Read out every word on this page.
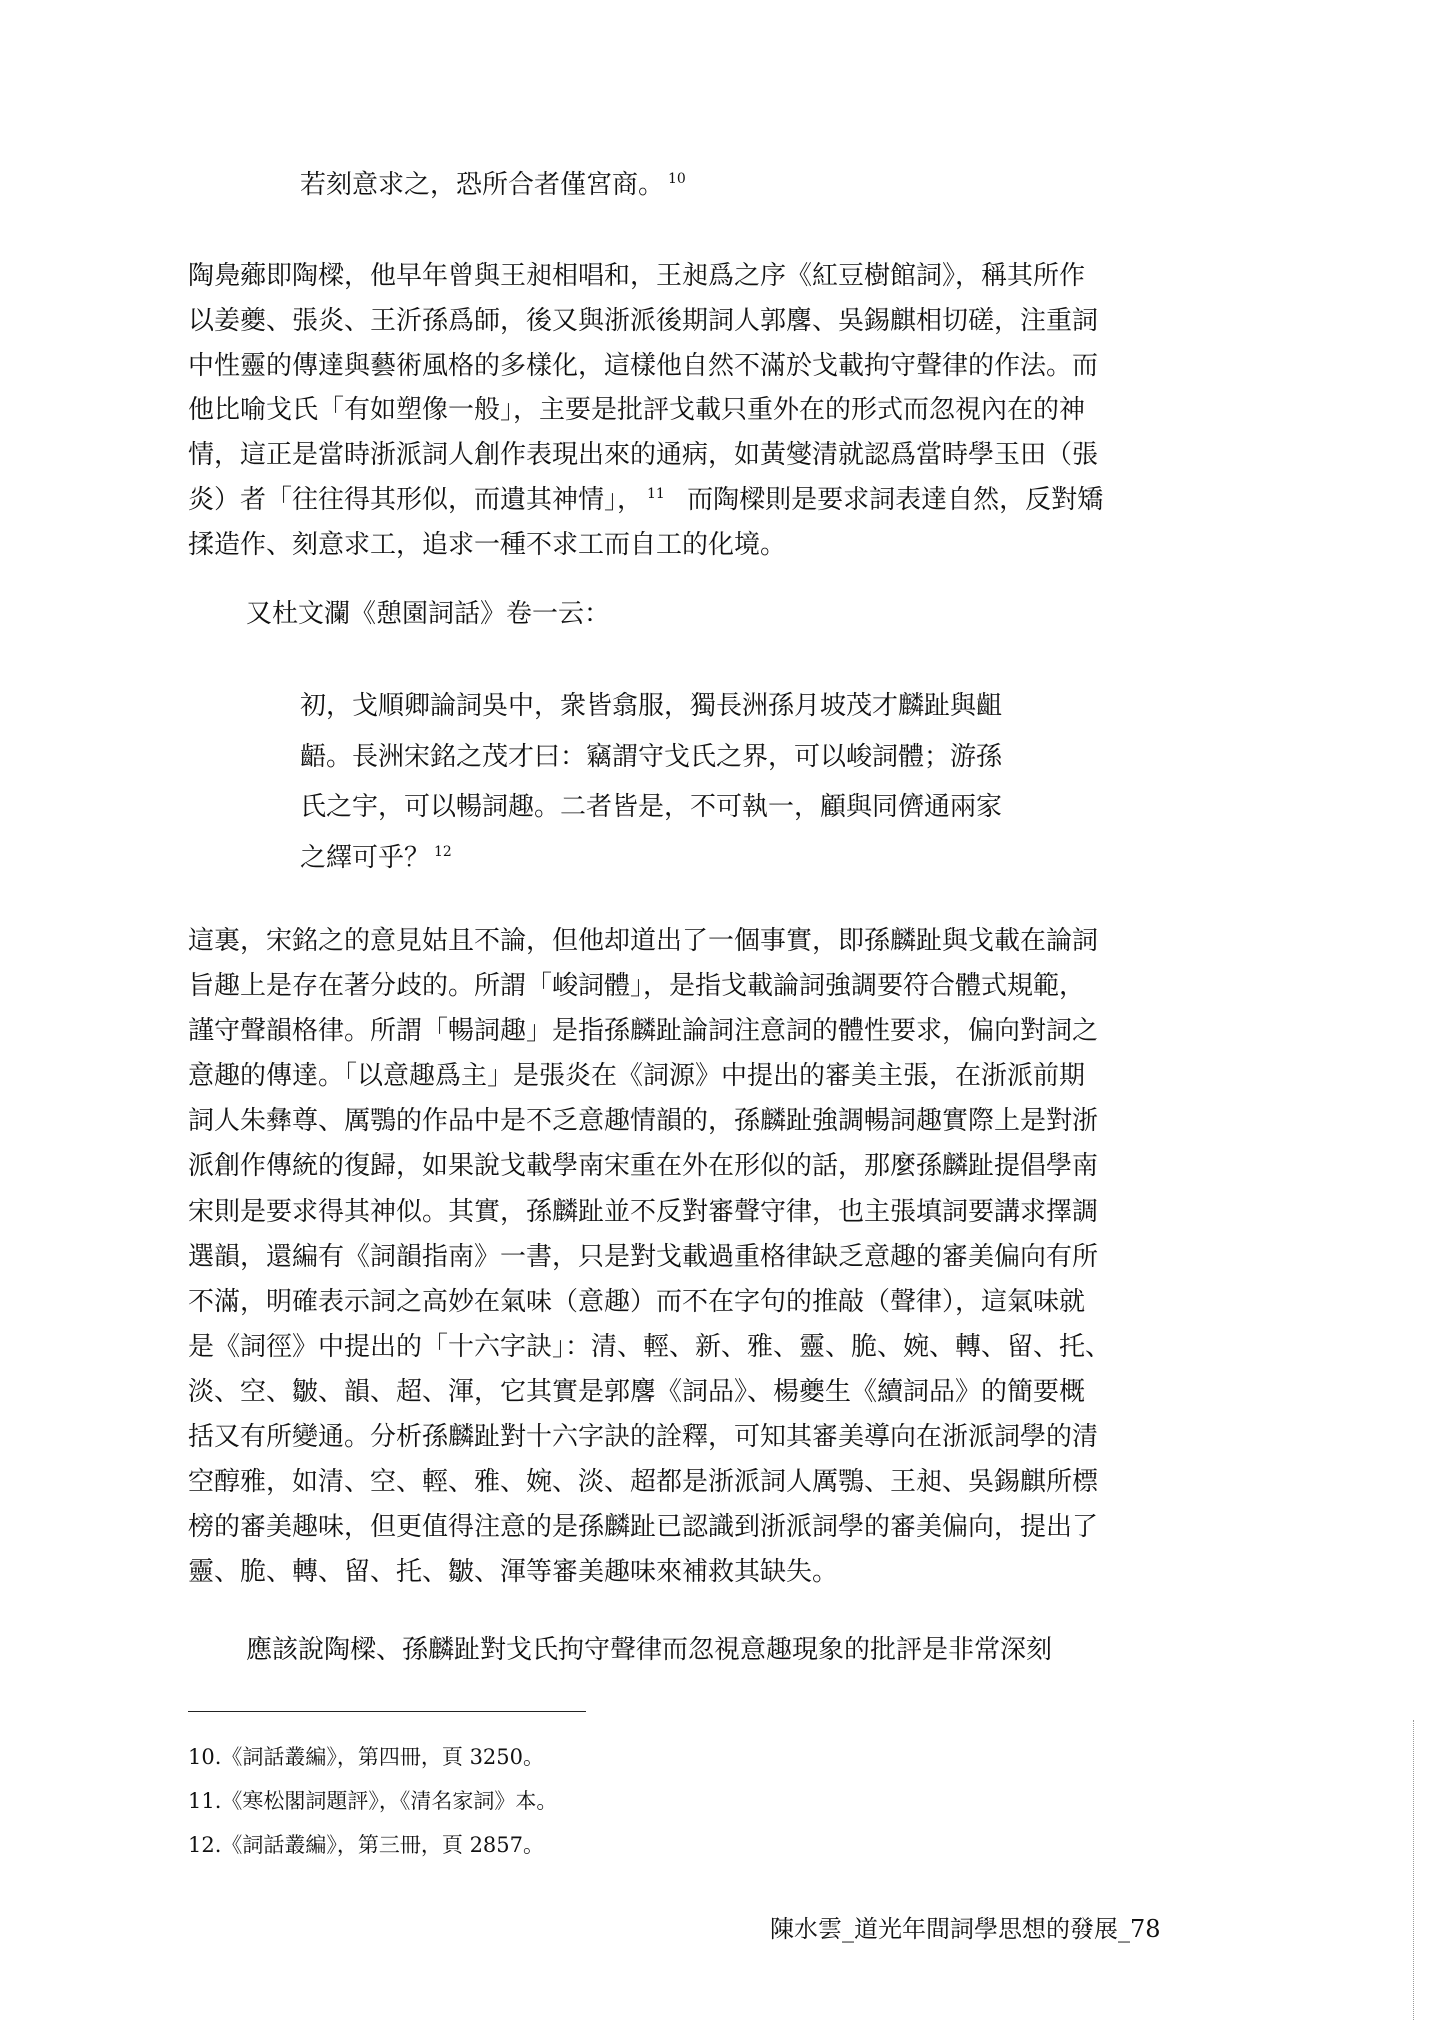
若刻意求之，恐所合者僅宮商。 $^{10}$
陶鳧薌即陶樑，他早年曾與王昶相唱和，王昶爲之序《紅豆樹館詞》，稱其所作
以姜夔、張炎、王沂孫爲師，後又與浙派後期詞人郭麐、吳錫麒相切磋，注重詞
中性靈的傳達與藝術風格的多樣化，這樣他自然不滿於戈載拘守聲律的作法。而
他比喻戈氏「有如塑像一般」，主要是批評戈載只重外在的形式而忽視內在的神
情，這正是當時浙派詞人創作表現出來的通病，如黃燮清就認爲當時學玉田（張
炎）者「往往得其形似，而遺其神情」， $^{11}$ 而陶樑則是要求詞表達自然，反對矯
揉造作、刻意求工，追求一種不求工而自工的化境。
又杜文瀾《憩園詞話》卷一云：
初，戈順卿論詞吳中，衆皆翕服，獨長洲孫月坡茂才麟趾與齟
齬。長洲宋銘之茂才曰：竊謂守戈氏之界，可以峻詞體；游孫
氏之宇，可以暢詞趣。二者皆是，不可執一，顧與同儕通兩家
之繹可乎？ $^{12}$
這裏，宋銘之的意見姑且不論，但他却道出了一個事實，即孫麟趾與戈載在論詞
旨趣上是存在著分歧的。所謂「峻詞體」，是指戈載論詞強調要符合體式規範，
謹守聲韻格律。所謂「暢詞趣」是指孫麟趾論詞注意詞的體性要求，偏向對詞之
意趣的傳達。「以意趣爲主」是張炎在《詞源》中提出的審美主張，在浙派前期
詞人朱彝尊、厲鶚的作品中是不乏意趣情韻的，孫麟趾強調暢詞趣實際上是對浙
派創作傳統的復歸，如果說戈載學南宋重在外在形似的話，那麼孫麟趾提倡學南
宋則是要求得其神似。其實，孫麟趾並不反對審聲守律，也主張填詞要講求擇調
選韻，還編有《詞韻指南》一書，只是對戈載過重格律缺乏意趣的審美偏向有所
不滿，明確表示詞之高妙在氣味（意趣）而不在字句的推敲（聲律），這氣味就
是《詞徑》中提出的「十六字訣」：清、輕、新、雅、靈、脆、婉、轉、留、托、
淡、空、皺、韻、超、渾，它其實是郭麐《詞品》、楊夔生《續詞品》的簡要概
括又有所變通。分析孫麟趾對十六字訣的詮釋，可知其審美導向在浙派詞學的清
空醇雅，如清、空、輕、雅、婉、淡、超都是浙派詞人厲鶚、王昶、吳錫麒所標
榜的審美趣味，但更值得注意的是孫麟趾已認識到浙派詞學的審美偏向，提出了
靈、脆、轉、留、托、皺、渾等審美趣味來補救其缺失。
應該說陶樑、孫麟趾對戈氏拘守聲律而忽視意趣現象的批評是非常深刻
10.《詞話叢編》，第四冊，頁 3250。
11.《寒松閣詞題評》，《清名家詞》本。
12.《詞話叢編》，第三冊，頁 2857。
陳水雲_道光年間詞學思想的發展_78
